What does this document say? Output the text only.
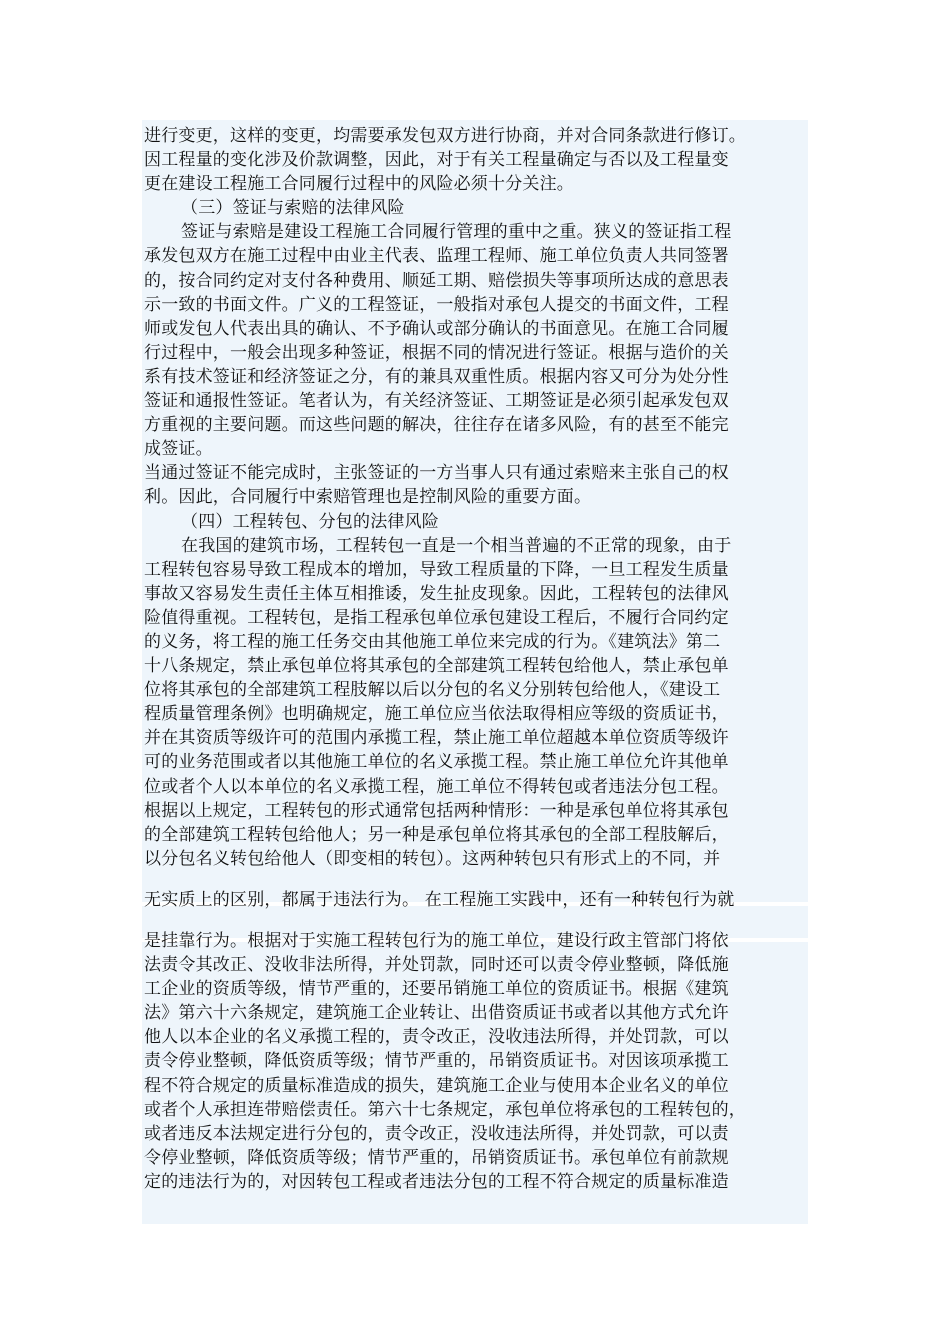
进行变更，这样的变更，均需要承发包双方进行协商，并对合同条款进行修订。
因工程量的变化涉及价款调整，因此，对于有关工程量确定与否以及工程量变
更在建设工程施工合同履行过程中的风险必须十分关注。
（三）签证与索赔的法律风险
签证与索赔是建设工程施工合同履行管理的重中之重。狭义的签证指工程
承发包双方在施工过程中由业主代表、监理工程师、施工单位负责人共同签署
的，按合同约定对支付各种费用、顺延工期、赔偿损失等事项所达成的意思表
示一致的书面文件。广义的工程签证，一般指对承包人提交的书面文件，工程
师或发包人代表出具的确认、不予确认或部分确认的书面意见。在施工合同履
行过程中，一般会出现多种签证，根据不同的情况进行签证。根据与造价的关
系有技术签证和经济签证之分，有的兼具双重性质。根据内容又可分为处分性
签证和通报性签证。笔者认为，有关经济签证、工期签证是必须引起承发包双
方重视的主要问题。而这些问题的解决，往往存在诸多风险，有的甚至不能完
成签证。
当通过签证不能完成时，主张签证的一方当事人只有通过索赔来主张自己的权
利。因此，合同履行中索赔管理也是控制风险的重要方面。
（四）工程转包、分包的法律风险
在我国的建筑市场，工程转包一直是一个相当普遍的不正常的现象，由于
工程转包容易导致工程成本的增加，导致工程质量的下降，一旦工程发生质量
事故又容易发生责任主体互相推诿，发生扯皮现象。因此，工程转包的法律风
险值得重视。工程转包，是指工程承包单位承包建设工程后，不履行合同约定
的义务，将工程的施工任务交由其他施工单位来完成的行为。《建筑法》第二
十八条规定，禁止承包单位将其承包的全部建筑工程转包给他人，禁止承包单
位将其承包的全部建筑工程肢解以后以分包的名义分别转包给他人，《建设工
程质量管理条例》也明确规定，施工单位应当依法取得相应等级的资质证书，
并在其资质等级许可的范围内承揽工程，禁止施工单位超越本单位资质等级许
可的业务范围或者以其他施工单位的名义承揽工程。禁止施工单位允许其他单
位或者个人以本单位的名义承揽工程，施工单位不得转包或者违法分包工程。
根据以上规定，工程转包的形式通常包括两种情形：一种是承包单位将其承包
的全部建筑工程转包给他人；另一种是承包单位将其承包的全部工程肢解后，
以分包名义转包给他人（即变相的转包）。这两种转包只有形式上的不同，并
无实质上的区别，都属于违法行为。 在工程施工实践中，还有一种转包行为就
是挂靠行为。根据对于实施工程转包行为的施工单位，建设行政主管部门将依
法责令其改正、没收非法所得，并处罚款，同时还可以责令停业整顿，降低施
工企业的资质等级，情节严重的，还要吊销施工单位的资质证书。根据《建筑
法》第六十六条规定，建筑施工企业转让、出借资质证书或者以其他方式允许
他人以本企业的名义承揽工程的，责令改正，没收违法所得，并处罚款，可以
责令停业整顿，降低资质等级；情节严重的，吊销资质证书。对因该项承揽工
程不符合规定的质量标准造成的损失，建筑施工企业与使用本企业名义的单位
或者个人承担连带赔偿责任。第六十七条规定，承包单位将承包的工程转包的，
或者违反本法规定进行分包的，责令改正，没收违法所得，并处罚款，可以责
令停业整顿，降低资质等级；情节严重的，吊销资质证书。承包单位有前款规
定的违法行为的，对因转包工程或者违法分包的工程不符合规定的质量标准造
